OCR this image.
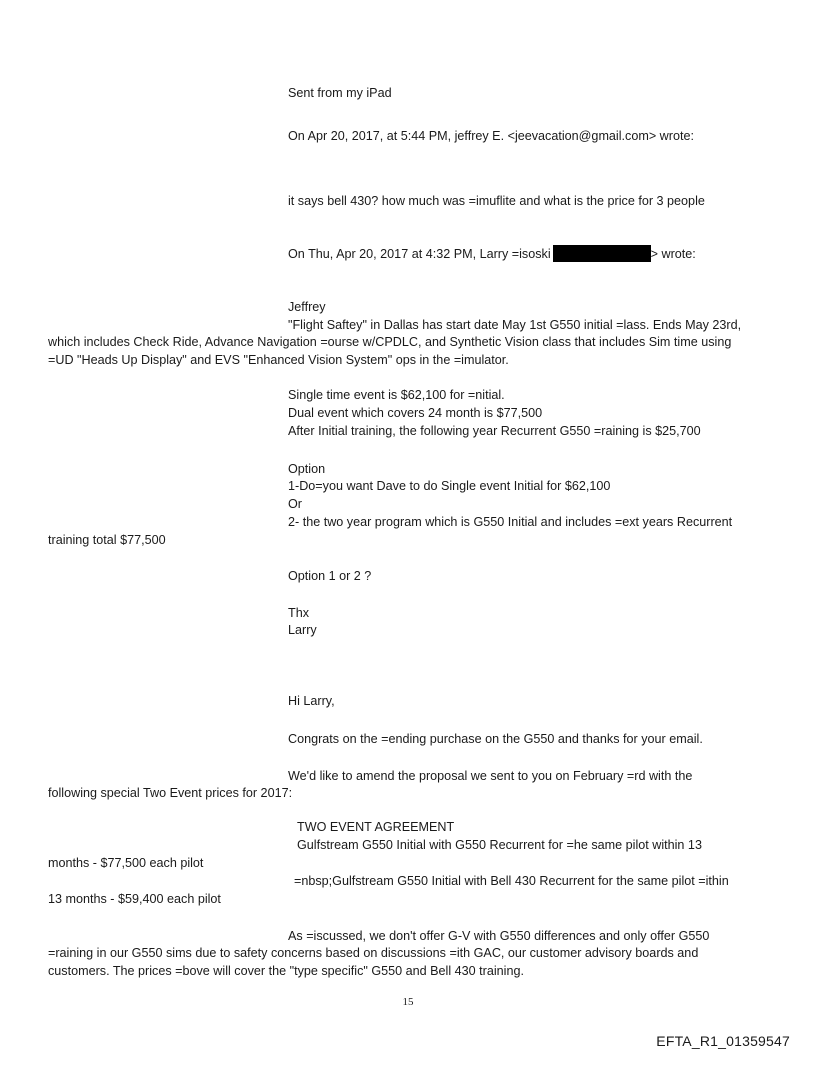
Sent from my iPad
On Apr 20, 2017, at 5:44 PM, jeffrey E. <jeevacation@gmail.com> wrote:
it says bell 430? how much was =imuflite and what is the price for 3 people
On Thu, Apr 20, 2017 at 4:32 PM, Larry =isoski	> wrote:
Jeffrey
"Flight Saftey" in Dallas has start date May 1st G550 initial =lass. Ends May 23rd,
which includes Check Ride, Advance Navigation =ourse w/CPDLC, and Synthetic Vision class that includes Sim time using
=UD "Heads Up Display" and EVS "Enhanced Vision System" ops in the =imulator.
Single time event is $62,100 for =nitial.
Dual event which covers 24 month is $77,500
After Initial training, the following year Recurrent G550 =raining is $25,700
Option
1-Do=you want Dave to do Single event Initial for $62,100
Or
2- the two year program which is G550 Initial and includes =ext years Recurrent
training total $77,500
Option 1 or 2 ?
Thx
Larry
Hi Larry,
Congrats on the =ending purchase on the G550 and thanks for your email.
We'd like to amend the proposal we sent to you on February =rd with the
following special Two Event prices for 2017:
TWO EVENT AGREEMENT
Gulfstream G550 Initial with G550 Recurrent for =he same pilot within 13
months - $77,500 each pilot
=nbsp;Gulfstream G550 Initial with Bell 430 Recurrent for the same pilot =ithin
13 months - $59,400 each pilot
As =iscussed, we don't offer G-V with G550 differences and only offer G550
=raining in our G550 sims due to safety concerns based on discussions =ith GAC, our customer advisory boards and
customers. The prices =bove will cover the "type specific" G550 and Bell 430 training.
15
EFTA_R1_01359547
